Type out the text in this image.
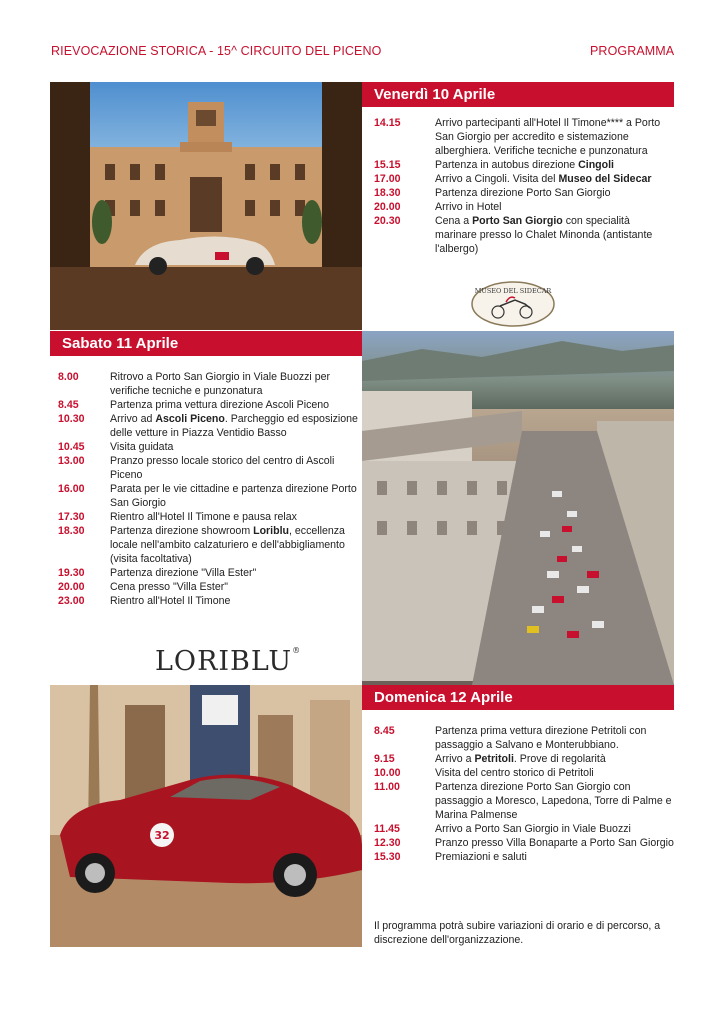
RIEVOCAZIONE STORICA - 15^ CIRCUITO DEL PICENO	PROGRAMMA
Venerdì 10 Aprile
14.15	Arrivo partecipanti all'Hotel Il Timone**** a Porto San Giorgio per accredito e sistemazione alberghiera. Verifiche tecniche e punzonatura
15.15	Partenza in autobus direzione Cingoli
17.00	Arrivo a Cingoli. Visita del Museo del Sidecar
18.30	Partenza direzione Porto San Giorgio
20.00	Arrivo in Hotel
20.30	Cena a Porto San Giorgio con specialità marinare presso lo Chalet Minonda (antistante l'albergo)
MUSEO DEL SIDECAR
Sabato 11 Aprile
8.00	Ritrovo a Porto San Giorgio in Viale Buozzi per verifiche tecniche e punzonatura
8.45	Partenza prima vettura direzione Ascoli Piceno
10.30	Arrivo ad Ascoli Piceno. Parcheggio ed esposizione delle vetture in Piazza Ventidio Basso
10.45	Visita guidata
13.00	Pranzo presso locale storico del centro di Ascoli Piceno
16.00	Parata per le vie cittadine e partenza direzione Porto San Giorgio
17.30	Rientro all'Hotel Il Timone e pausa relax
18.30	Partenza direzione showroom Loriblu, eccellenza locale nell'ambito calzaturiero e dell'abbigliamento (visita facoltativa)
19.30	Partenza direzione "Villa Ester"
20.00	Cena presso "Villa Ester"
23.00	Rientro all'Hotel Il Timone
LORIBLU®
32
Domenica 12 Aprile
8.45	Partenza prima vettura direzione Petritoli con passaggio a Salvano e Monterubbiano.
9.15	Arrivo a Petritoli. Prove di regolarità
10.00	Visita del centro storico di Petritoli
11.00	Partenza direzione Porto San Giorgio con passaggio a Moresco, Lapedona, Torre di Palme e Marina Palmense
11.45	Arrivo a Porto San Giorgio in Viale Buozzi
12.30	Pranzo presso Villa Bonaparte a Porto San Giorgio
15.30	Premiazioni e saluti
Il programma potrà subire variazioni di orario e di percorso, a discrezione dell'organizzazione.
